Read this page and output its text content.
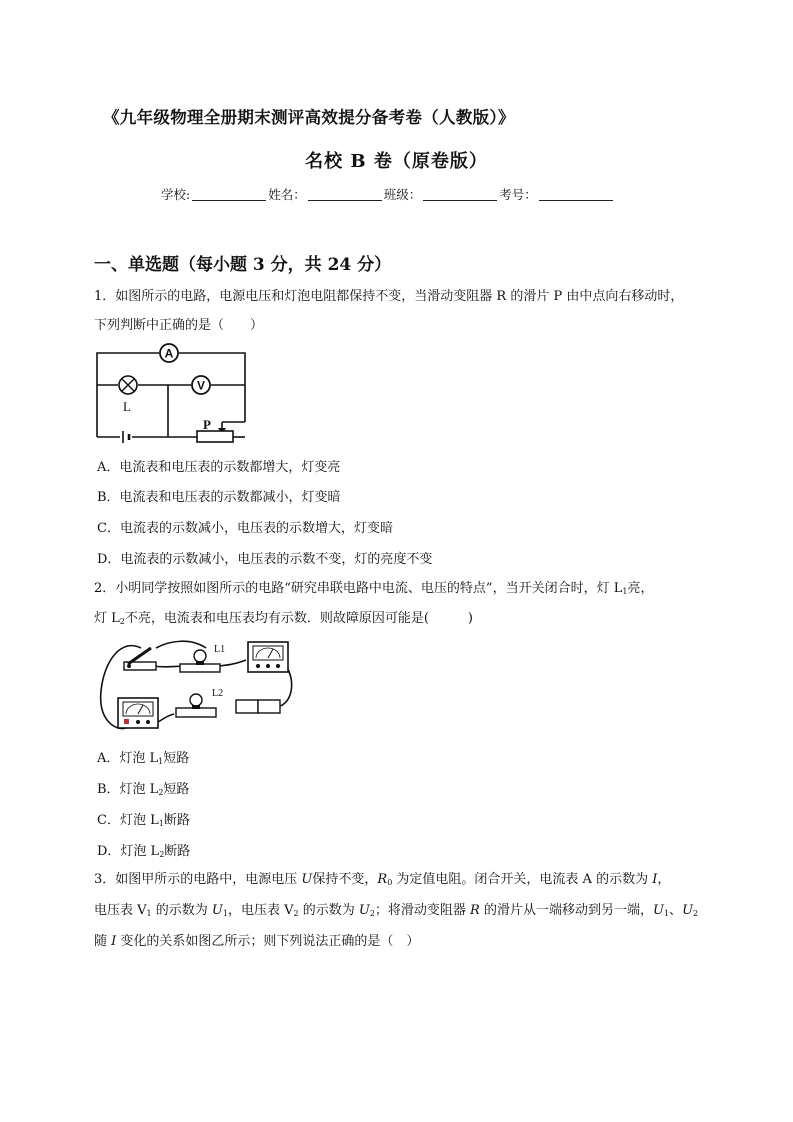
《九年级物理全册期末测评高效提分备考卷（人教版）》
名校 B 卷（原卷版）
学校:	姓名：	班级：	考号：
一、单选题（每小题 3 分，共 24 分）
1．如图所示的电路，电源电压和灯泡电阻都保持不变，当滑动变阻器 R 的滑片 P 由中点向右移动时，
下列判断中正确的是（　　）
A
V
L
P
A．电流表和电压表的示数都增大，灯变亮
B．电流表和电压表的示数都减小，灯变暗
C．电流表的示数减小，电压表的示数增大，灯变暗
D．电流表的示数减小，电压表的示数不变，灯的亮度不变
2．小明同学按照如图所示的电路“研究串联电路中电流、电压的特点”，当开关闭合时，灯 $L_1$亮，
灯 $L_2$不亮，电流表和电压表均有示数．则故障原因可能是(　　　)
L1
L2
A．灯泡 $L_1$短路
B．灯泡 $L_2$短路
C．灯泡 $L_1$断路
D．灯泡 $L_2$断路
3．如图甲所示的电路中，电源电压 U保持不变，$R_0$ 为定值电阻。闭合开关，电流表 A 的示数为 I，
电压表 $V_1$ 的示数为 $U_1$，电压表 $V_2$ 的示数为 $U_2$；将滑动变阻器 R 的滑片从一端移动到另一端，$U_1$、$U_2$
随 I 变化的关系如图乙所示；则下列说法正确的是（　）
